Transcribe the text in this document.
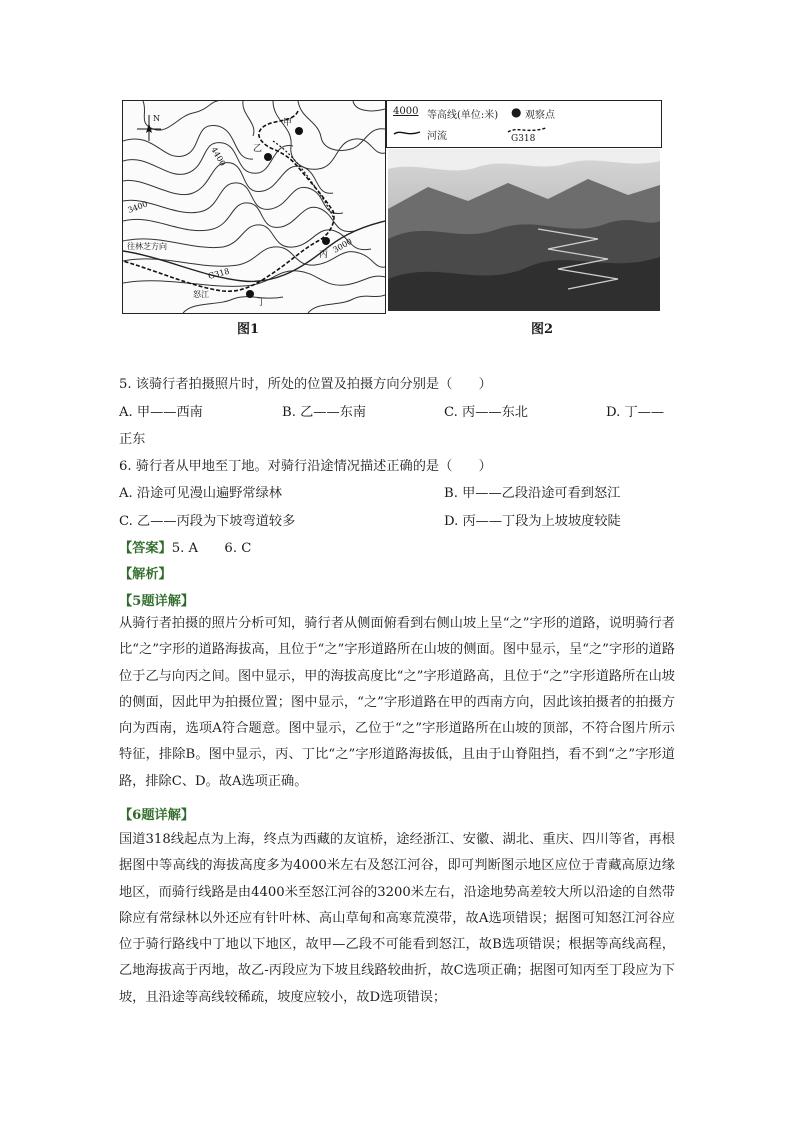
N	甲
乙
丙
丁
4400
3400
3000
G318
怒江
往林芝方向
4000 等高线(单位:米) ● 观察点
河流	G318
图1	图2
5. 该骑行者拍摄照片时，所处的位置及拍摄方向分别是（　　）
A. 甲——西南	B. 乙——东南	C. 丙——东北	D. 丁——
正东
6. 骑行者从甲地至丁地。对骑行沿途情况描述正确的是（　　）
A. 沿途可见漫山遍野常绿林	B. 甲——乙段沿途可看到怒江
C. 乙——丙段为下坡弯道较多	D. 丙——丁段为上坡坡度较陡
【答案】5. A　　6. C
【解析】
【5题详解】
从骑行者拍摄的照片分析可知，骑行者从侧面俯看到右侧山坡上呈“之”字形的道路，说明骑行者比“之”字形的道路海拔高，且位于“之”字形道路所在山坡的侧面。图中显示，呈“之”字形的道路位于乙与向丙之间。图中显示，甲的海拔高度比“之”字形道路高，且位于“之”字形道路所在山坡的侧面，因此甲为拍摄位置；图中显示，“之”字形道路在甲的西南方向，因此该拍摄者的拍摄方向为西南，选项A符合题意。图中显示，乙位于“之”字形道路所在山坡的顶部，不符合图片所示特征，排除B。图中显示，丙、丁比“之”字形道路海拔低，且由于山脊阻挡，看不到“之”字形道路，排除C、D。故A选项正确。
【6题详解】
国道318线起点为上海，终点为西藏的友谊桥，途经浙江、安徽、湖北、重庆、四川等省，再根据图中等高线的海拔高度多为4000米左右及怒江河谷，即可判断图示地区应位于青藏高原边缘地区，而骑行线路是由4400米至怒江河谷的3200米左右，沿途地势高差较大所以沿途的自然带除应有常绿林以外还应有针叶林、高山草甸和高寒荒漠带，故A选项错误；据图可知怒江河谷应位于骑行路线中丁地以下地区，故甲—乙段不可能看到怒江，故B选项错误；根据等高线高程，乙地海拔高于丙地，故乙-丙段应为下坡且线路较曲折，故C选项正确；据图可知丙至丁段应为下坡，且沿途等高线较稀疏，坡度应较小，故D选项错误；
